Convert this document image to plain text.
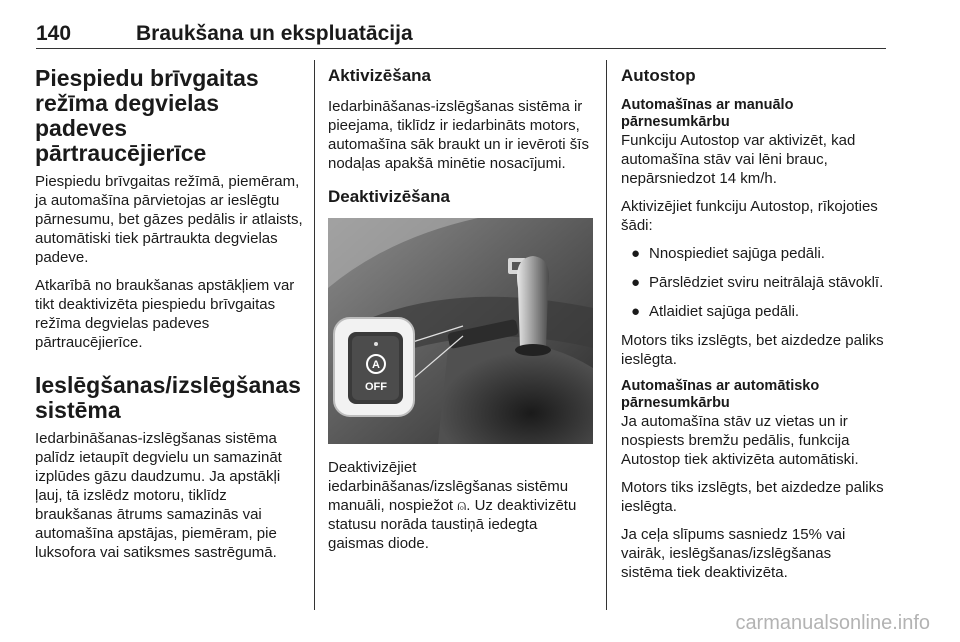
140	Braukšana un ekspluatācija
Piespiedu brīvgaitas režīma degvielas padeves pārtraucējierīce
Piespiedu brīvgaitas režīmā, piemēram, ja automašīna pārvietojas ar ieslēgtu pārnesumu, bet gāzes pedālis ir atlaists, automātiski tiek pārtraukta degvielas padeve.
Atkarībā no braukšanas apstākļiem var tikt deaktivizēta piespiedu brīvgaitas režīma degvielas padeves pārtraucējierīce.
Ieslēgšanas/izslēgšanas sistēma
Iedarbināšanas-izslēgšanas sistēma palīdz ietaupīt degvielu un samazināt izplūdes gāzu daudzumu. Ja apstākļi ļauj, tā izslēdz motoru, tiklīdz braukšanas ātrums samazinās vai automašīna apstājas, piemēram, pie luksofora vai satiksmes sastrēgumā.
Aktivizēšana
Iedarbināšanas-izslēgšanas sistēma ir pieejama, tiklīdz ir iedarbināts motors, automašīna sāk braukt un ir ievēroti šīs nodaļas apakšā minētie nosacījumi.
Deaktivizēšana
A
OFF
Deaktivizējiet iedarbināšanas/izslēgšanas sistēmu manuāli, nospiežot ⍝. Uz deaktivizētu statusu norāda taustiņā iedegta gaismas diode.
Autostop
Automašīnas ar manuālo pārnesumkārbu
Funkciju Autostop var aktivizēt, kad automašīna stāv vai lēni brauc, nepārsniedzot 14 km/h.
Aktivizējiet funkciju Autostop, rīkojoties šādi:
● Nnospiediet sajūga pedāli.
● Pārslēdziet sviru neitrālajā stāvoklī.
● Atlaidiet sajūga pedāli.
Motors tiks izslēgts, bet aizdedze paliks ieslēgta.
Automašīnas ar automātisko pārnesumkārbu
Ja automašīna stāv uz vietas un ir nospiests bremžu pedālis, funkcija Autostop tiek aktivizēta automātiski.
Motors tiks izslēgts, bet aizdedze paliks ieslēgta.
Ja ceļa slīpums sasniedz 15% vai vairāk, ieslēgšanas/izslēgšanas sistēma tiek deaktivizēta.
carmanualsonline.info
